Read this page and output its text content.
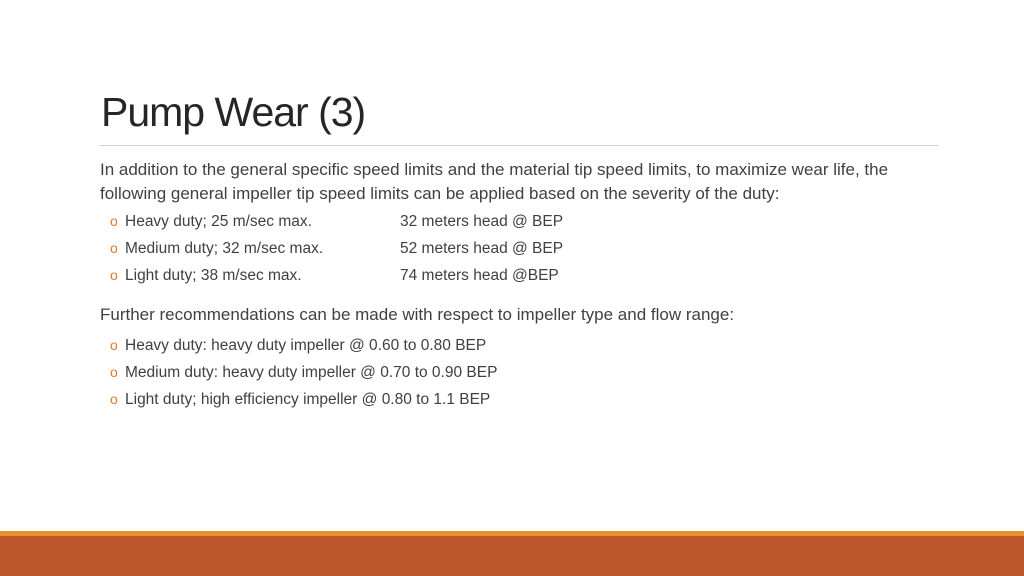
Pump Wear (3)

In addition to the general specific speed limits and the material tip speed limits, to maximize wear life, the following general impeller tip speed limits can be applied based on the severity of the duty:

o Heavy duty; 25 m/sec max.	32 meters head @ BEP
o Medium duty; 32 m/sec max.	52 meters head @ BEP
o Light duty; 38 m/sec max.	74 meters head @BEP

Further recommendations can be made with respect to impeller type and flow range:

o Heavy duty: heavy duty impeller @ 0.60 to 0.80 BEP
o Medium duty: heavy duty impeller @ 0.70 to 0.90 BEP
o Light duty; high efficiency impeller @ 0.80 to 1.1 BEP
